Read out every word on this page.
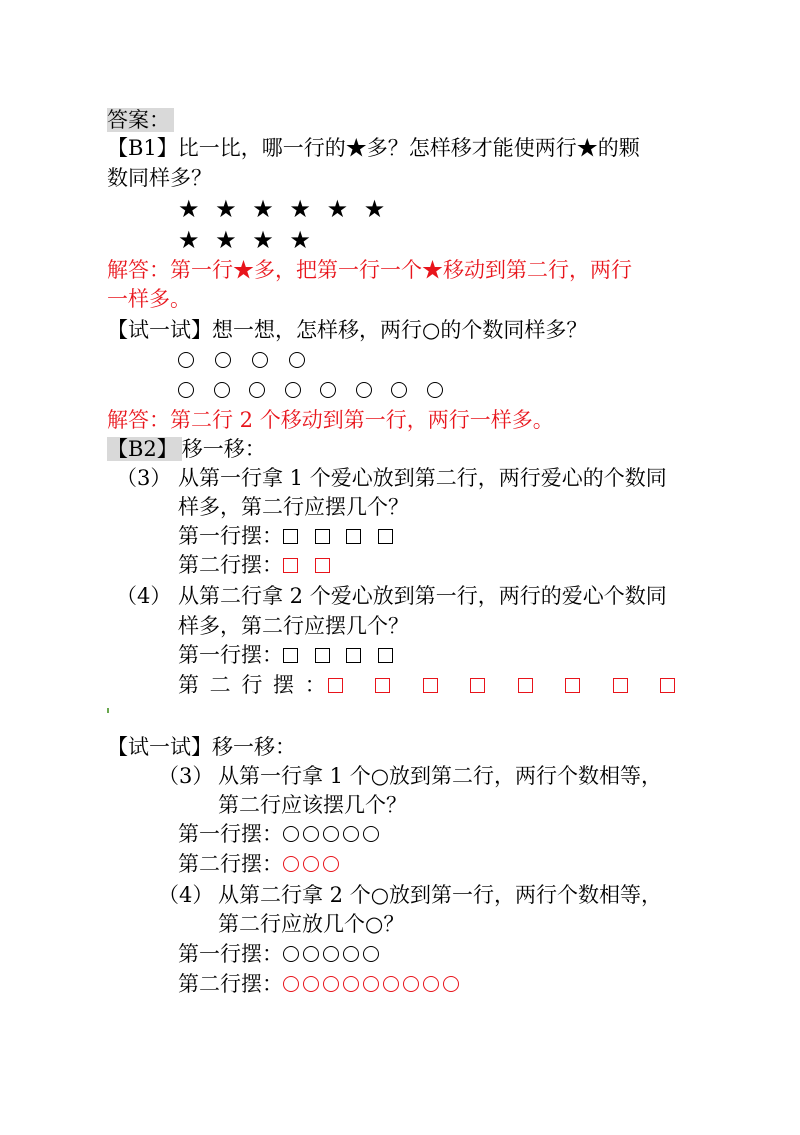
答案：
【B1】比一比，哪一行的★多？怎样移才能使两行★的颗
数同样多？
★ ★ ★ ★ ★ ★
★ ★ ★ ★
解答：第一行★多，把第一行一个★移动到第二行，两行
一样多。
【试一试】想一想，怎样移，两行○的个数同样多？
解答：第二行 2 个移动到第一行，两行一样多。
【B2】 移一移：
（3） 从第一行拿 1 个爱心放到第二行，两行爱心的个数同
样多，第二行应摆几个？
第一行摆：
第二行摆：
（4） 从第二行拿 2 个爱心放到第一行，两行的爱心个数同
样多，第二行应摆几个？
第一行摆：
第 二 行 摆 ：
【试一试】移一移：
（3） 从第一行拿 1 个○放到第二行，两行个数相等，
第二行应该摆几个？
第一行摆：
第二行摆：
（4） 从第二行拿 2 个○放到第一行，两行个数相等，
第二行应放几个○？
第一行摆：
第二行摆：
